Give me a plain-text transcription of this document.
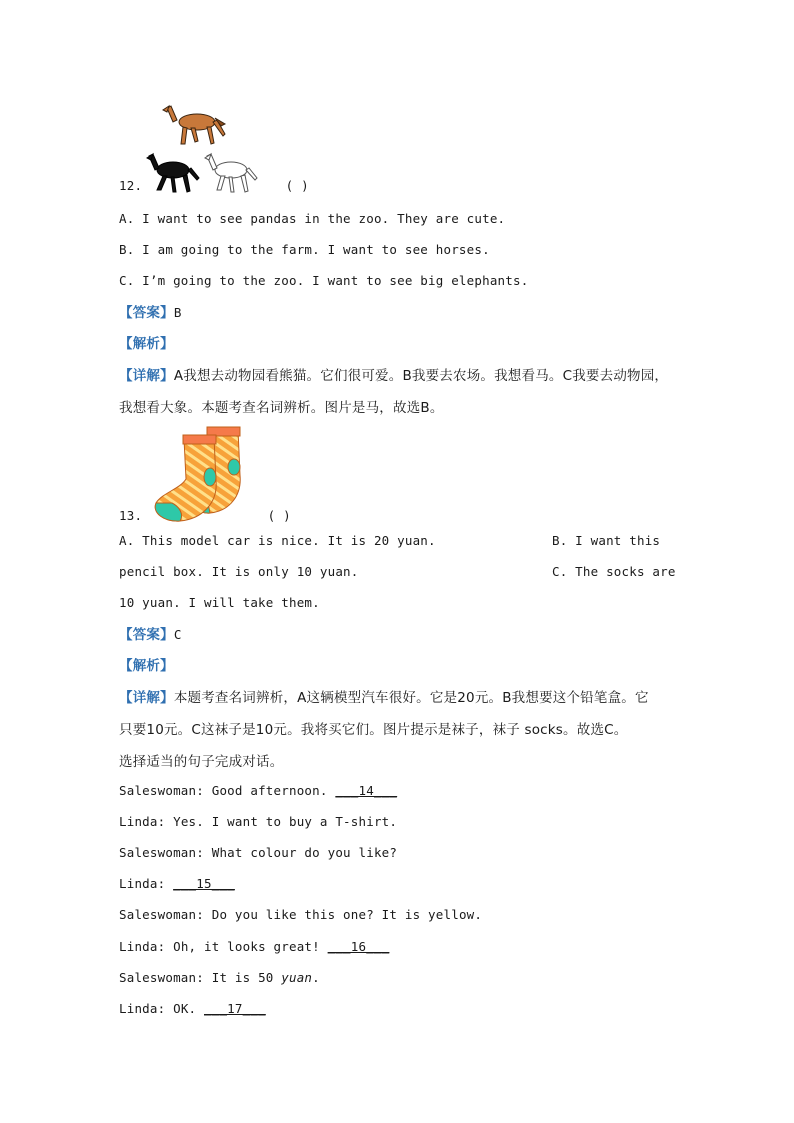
12.	( )
A. I want to see pandas in the zoo. They are cute.
B. I am going to the farm. I want to see horses.
C. I’m going to the zoo. I want to see big elephants.
【答案】B
【解析】
【详解】A我想去动物园看熊猫。它们很可爱。B我要去农场。我想看马。C我要去动物园，
我想看大象。本题考查名词辨析。图片是马，故选B。
13.	( )
A. This model car is nice. It is 20 yuan.	B. I want this
pencil box. It is only 10 yuan.	C. The socks are
10 yuan. I will take them.
【答案】C
【解析】
【详解】本题考查名词辨析，A这辆模型汽车很好。它是20元。B我想要这个铅笔盒。它
只要10元。C这袜子是10元。我将买它们。图片提示是袜子，袜子 socks。故选C。
选择适当的句子完成对话。
Saleswoman: Good afternoon. ___14___
Linda: Yes. I want to buy a T-shirt.
Saleswoman: What colour do you like?
Linda: ___15___
Saleswoman: Do you like this one? It is yellow.
Linda: Oh, it looks great! ___16___
Saleswoman: It is 50 yuan.
Linda: OK. ___17___
